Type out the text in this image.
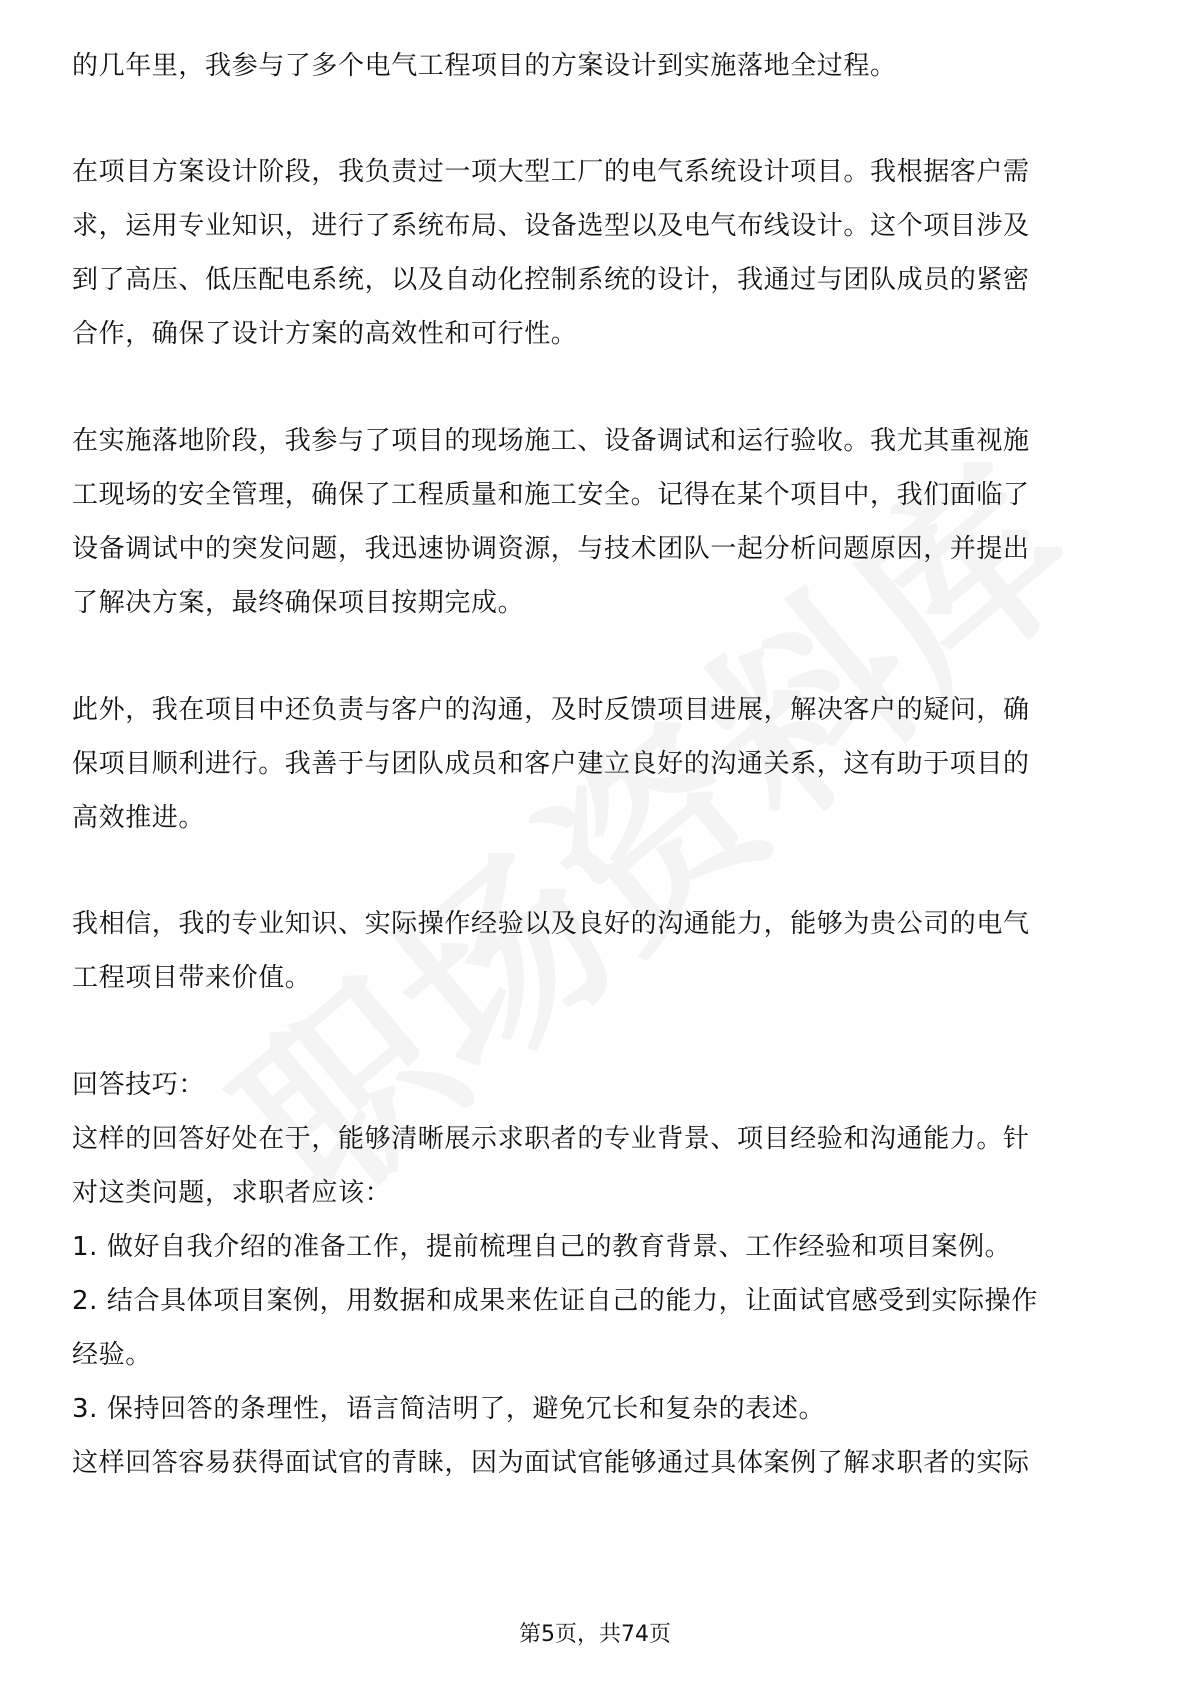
的几年里，我参与了多个电气工程项目的方案设计到实施落地全过程。
在项目方案设计阶段，我负责过一项大型工厂的电气系统设计项目。我根据客户需
求，运用专业知识，进行了系统布局、设备选型以及电气布线设计。这个项目涉及
到了高压、低压配电系统，以及自动化控制系统的设计，我通过与团队成员的紧密
合作，确保了设计方案的高效性和可行性。
在实施落地阶段，我参与了项目的现场施工、设备调试和运行验收。我尤其重视施
工现场的安全管理，确保了工程质量和施工安全。记得在某个项目中，我们面临了
设备调试中的突发问题，我迅速协调资源，与技术团队一起分析问题原因，并提出
了解决方案，最终确保项目按期完成。
此外，我在项目中还负责与客户的沟通，及时反馈项目进展，解决客户的疑问，确
保项目顺利进行。我善于与团队成员和客户建立良好的沟通关系，这有助于项目的
高效推进。
我相信，我的专业知识、实际操作经验以及良好的沟通能力，能够为贵公司的电气
工程项目带来价值。
回答技巧：
这样的回答好处在于，能够清晰展示求职者的专业背景、项目经验和沟通能力。针
对这类问题，求职者应该：
1. 做好自我介绍的准备工作，提前梳理自己的教育背景、工作经验和项目案例。
2. 结合具体项目案例，用数据和成果来佐证自己的能力，让面试官感受到实际操作
经验。
3. 保持回答的条理性，语言简洁明了，避免冗长和复杂的表述。
这样回答容易获得面试官的青睐，因为面试官能够通过具体案例了解求职者的实际
第5页，共74页
